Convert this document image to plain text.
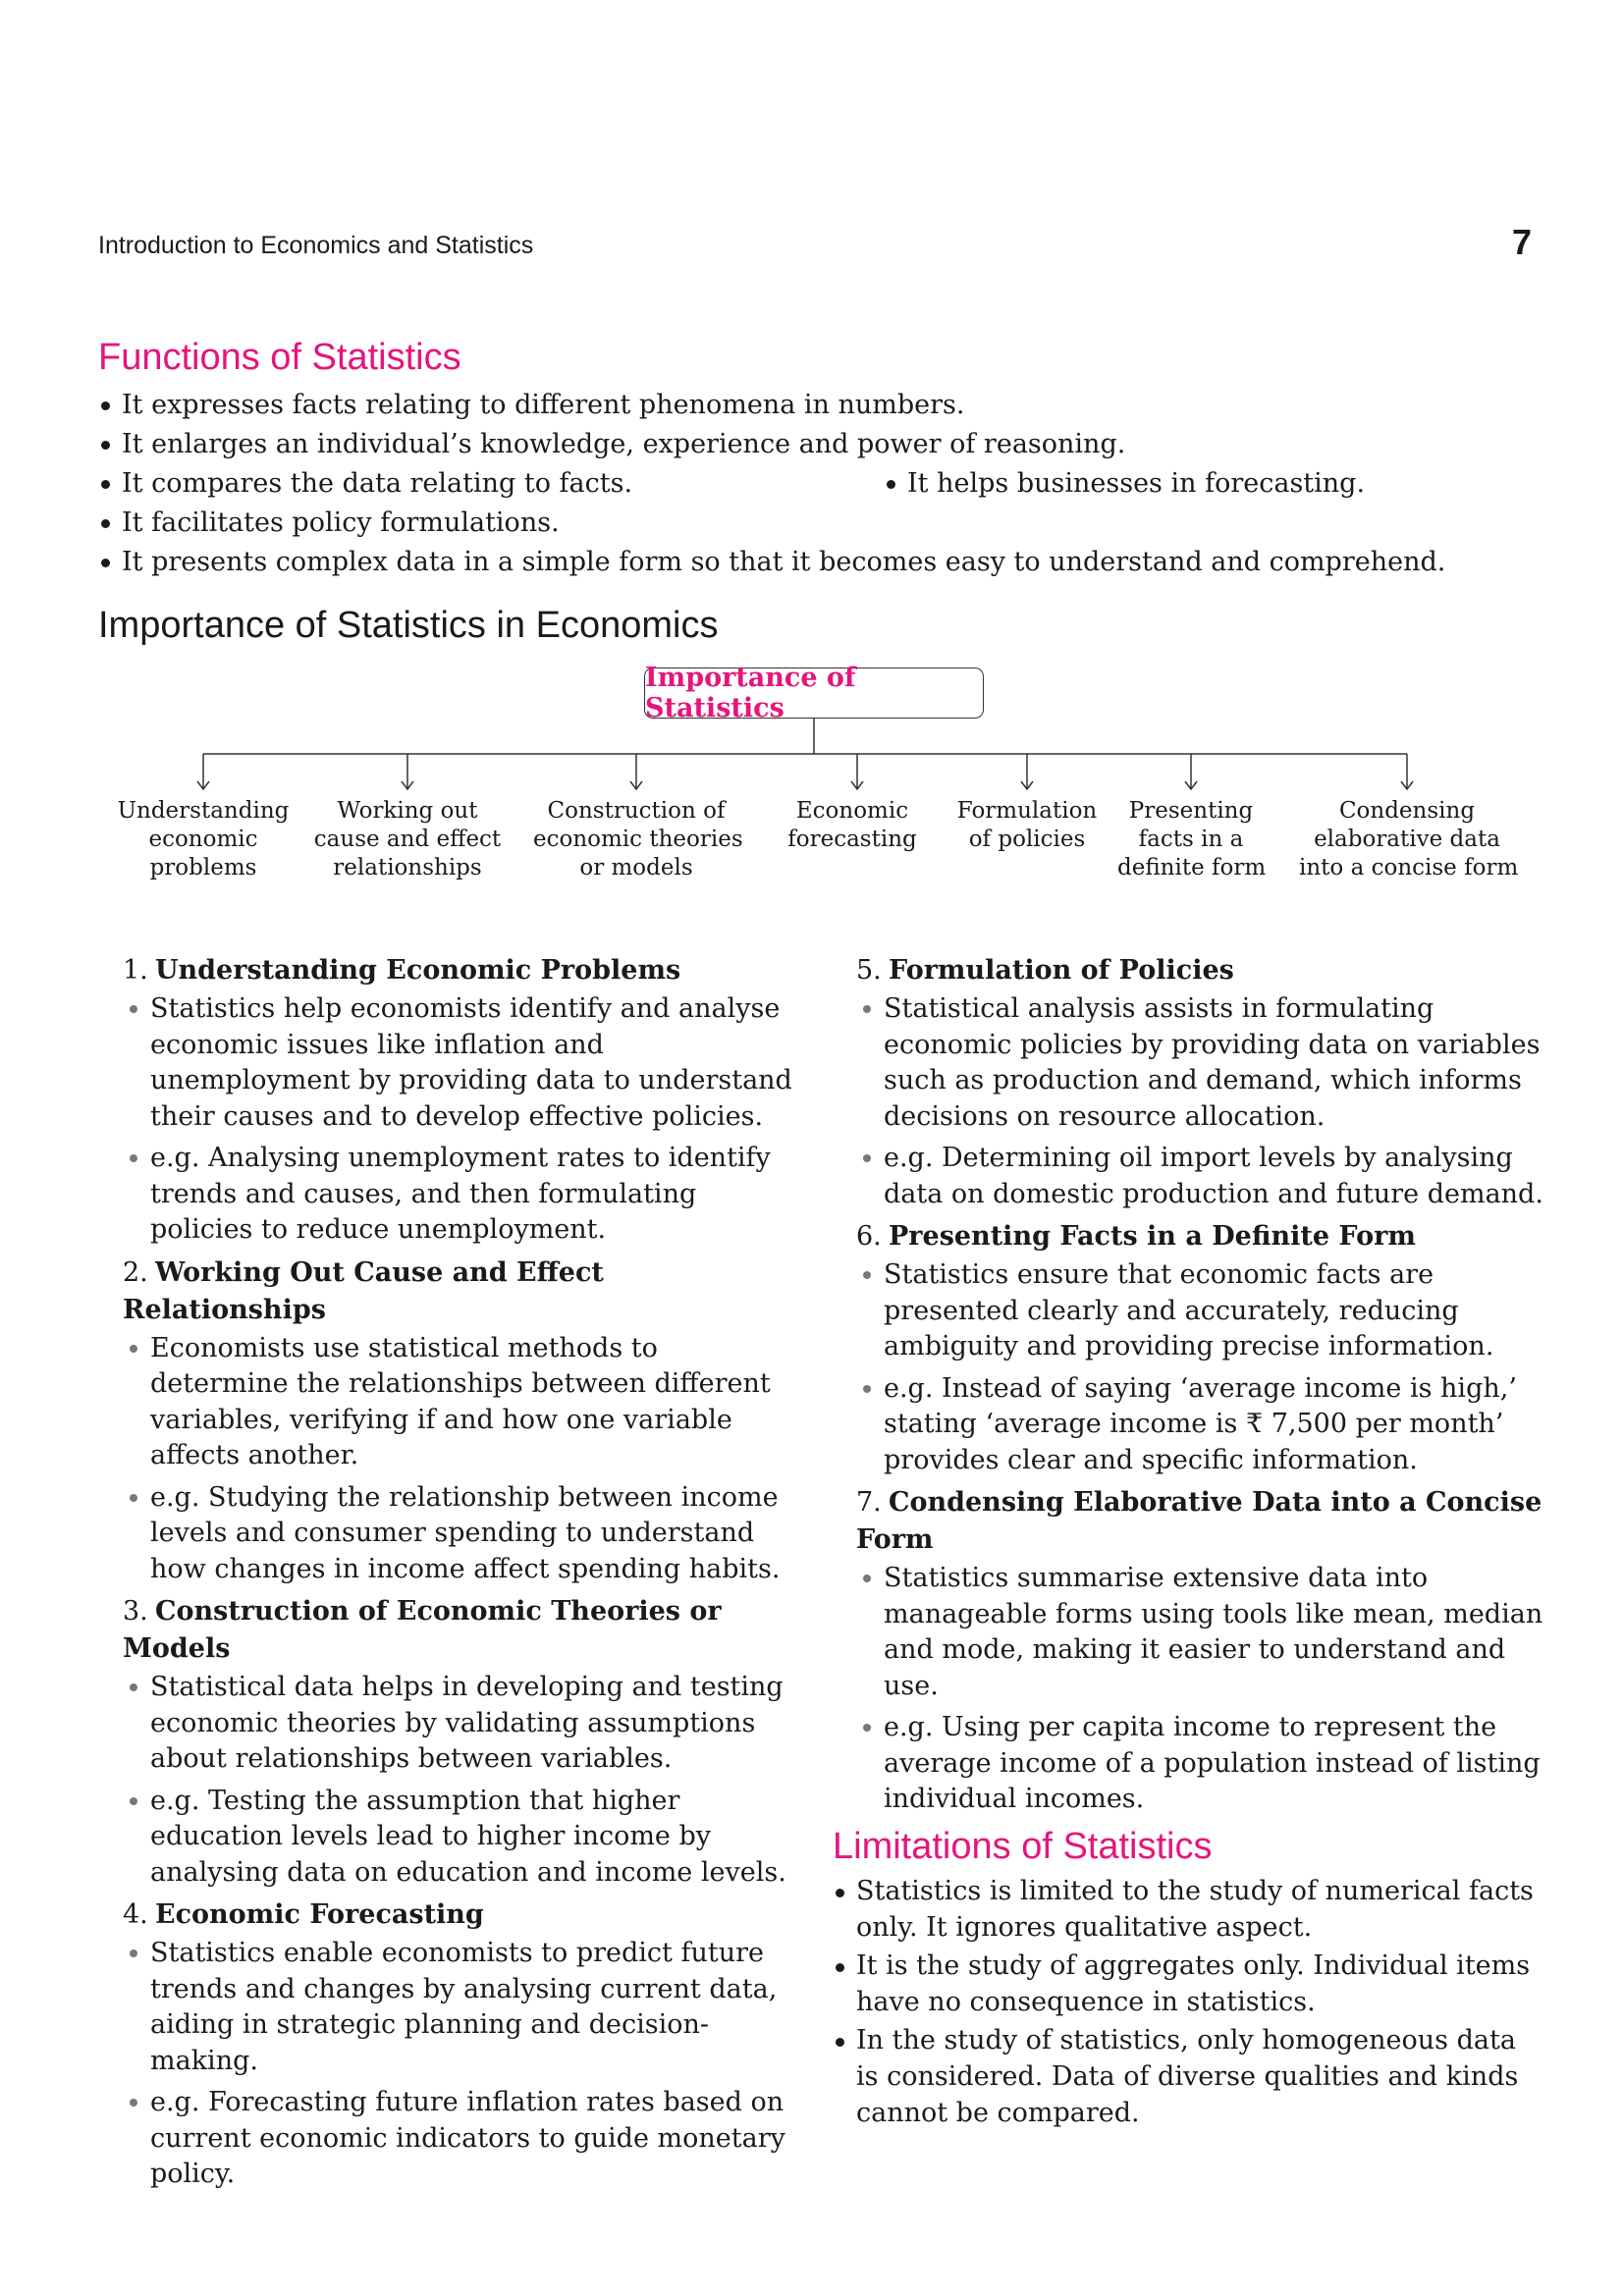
Introduction to Economics and Statistics	7
Functions of Statistics
It expresses facts relating to different phenomena in numbers.
It enlarges an individual’s knowledge, experience and power of reasoning.
It compares the data relating to facts.	It helps businesses in forecasting.
It facilitates policy formulations.
It presents complex data in a simple form so that it becomes easy to understand and comprehend.
Importance of Statistics in Economics
Importance of Statistics
Understanding
economic
problems
Working out
cause and effect
relationships
Construction of
economic theories
or models
Economic
forecasting
Formulation
of policies
Presenting
facts in a
definite form
Condensing
elaborative data
into a concise form
1. Understanding Economic Problems
Statistics help economists identify and analyse economic issues like inflation and unemployment by providing data to understand their causes and to develop effective policies.
e.g. Analysing unemployment rates to identify trends and causes, and then formulating policies to reduce unemployment.
2. Working Out Cause and Effect Relationships
Economists use statistical methods to determine the relationships between different variables, verifying if and how one variable affects another.
e.g. Studying the relationship between income levels and consumer spending to understand how changes in income affect spending habits.
3. Construction of Economic Theories or Models
Statistical data helps in developing and testing economic theories by validating assumptions about relationships between variables.
e.g. Testing the assumption that higher education levels lead to higher income by analysing data on education and income levels.
4. Economic Forecasting
Statistics enable economists to predict future trends and changes by analysing current data, aiding in strategic planning and decision-making.
e.g. Forecasting future inflation rates based on current economic indicators to guide monetary policy.
5. Formulation of Policies
Statistical analysis assists in formulating economic policies by providing data on variables such as production and demand, which informs decisions on resource allocation.
e.g. Determining oil import levels by analysing data on domestic production and future demand.
6. Presenting Facts in a Definite Form
Statistics ensure that economic facts are presented clearly and accurately, reducing ambiguity and providing precise information.
e.g. Instead of saying ‘average income is high,’ stating ‘average income is ₹ 7,500 per month’ provides clear and specific information.
7. Condensing Elaborative Data into a Concise Form
Statistics summarise extensive data into manageable forms using tools like mean, median and mode, making it easier to understand and use.
e.g. Using per capita income to represent the average income of a population instead of listing individual incomes.
Limitations of Statistics
Statistics is limited to the study of numerical facts only. It ignores qualitative aspect.
It is the study of aggregates only. Individual items have no consequence in statistics.
In the study of statistics, only homogeneous data is considered. Data of diverse qualities and kinds cannot be compared.
